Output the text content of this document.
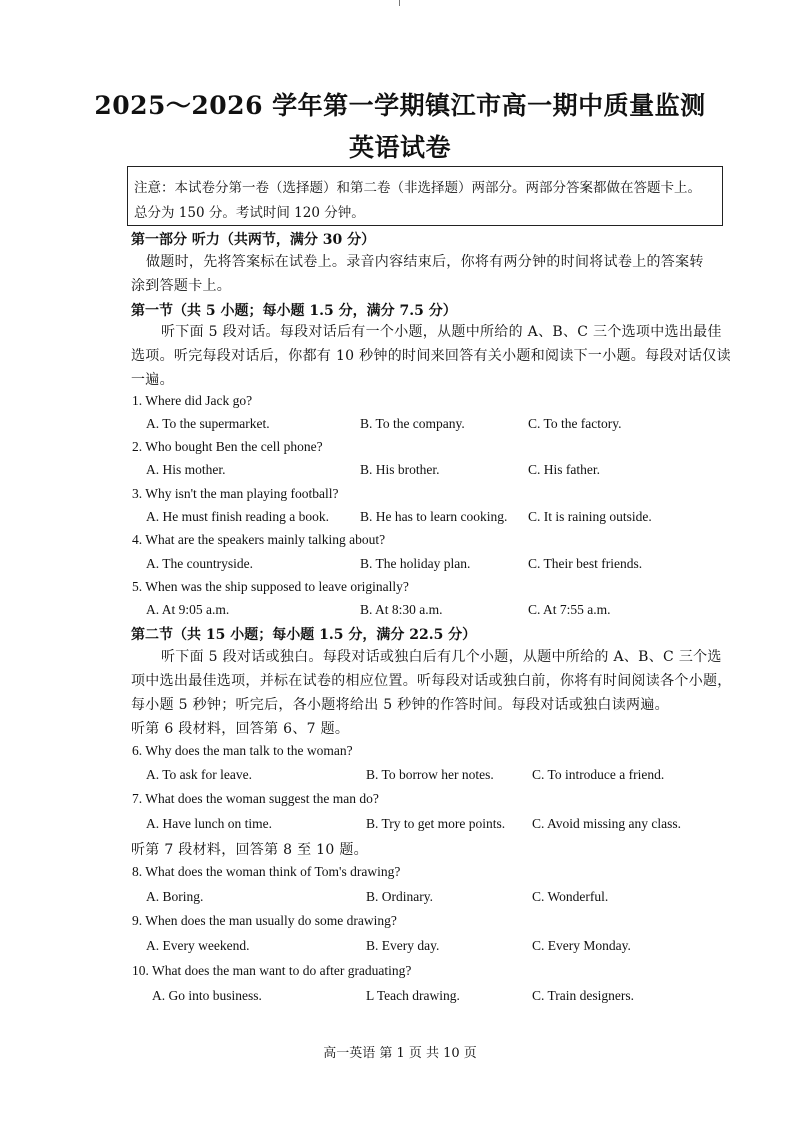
2025～2026 学年第一学期镇江市高一期中质量监测
英语试卷
注意：本试卷分第一卷（选择题）和第二卷（非选择题）两部分。两部分答案都做在答题卡上。
总分为 150 分。考试时间 120 分钟。
第一部分 听力（共两节，满分 30 分）
做题时，先将答案标在试卷上。录音内容结束后，你将有两分钟的时间将试卷上的答案转
涂到答题卡上。
第一节（共 5 小题；每小题 1.5 分，满分 7.5 分）
听下面 5 段对话。每段对话后有一个小题，从题中所给的 A、B、C 三个选项中选出最佳
选项。听完每段对话后，你都有 10 秒钟的时间来回答有关小题和阅读下一小题。每段对话仅读
一遍。
1. Where did Jack go?
A. To the supermarket.	B. To the company.	C. To the factory.
2. Who bought Ben the cell phone?
A. His mother.	B. His brother.	C. His father.
3. Why isn't the man playing football?
A. He must finish reading a book. B. He has to learn cooking. C. It is raining outside.
4. What are the speakers mainly talking about?
A. The countryside.	B. The holiday plan.	C. Their best friends.
5. When was the ship supposed to leave originally?
A. At 9:05 a.m.	B. At 8:30 a.m.	C. At 7:55 a.m.
第二节（共 15 小题；每小题 1.5 分，满分 22.5 分）
听下面 5 段对话或独白。每段对话或独白后有几个小题，从题中所给的 A、B、C 三个选
项中选出最佳选项，并标在试卷的相应位置。听每段对话或独白前，你将有时间阅读各个小题，
每小题 5 秒钟；听完后，各小题将给出 5 秒钟的作答时间。每段对话或独白读两遍。
听第 6 段材料，回答第 6、7 题。
6. Why does the man talk to the woman?
A. To ask for leave.	B. To borrow her notes.	C. To introduce a friend.
7. What does the woman suggest the man do?
A. Have lunch on time.	B. Try to get more points. C. Avoid missing any class.
听第 7 段材料，回答第 8 至 10 题。
8. What does the woman think of Tom's drawing?
A. Boring.	B. Ordinary.	C. Wonderful.
9. When does the man usually do some drawing?
A. Every weekend.	B. Every day.	C. Every Monday.
10. What does the man want to do after graduating?
A. Go into business.	L Teach drawing.	C. Train designers.
高一英语 第 1 页 共 10 页
